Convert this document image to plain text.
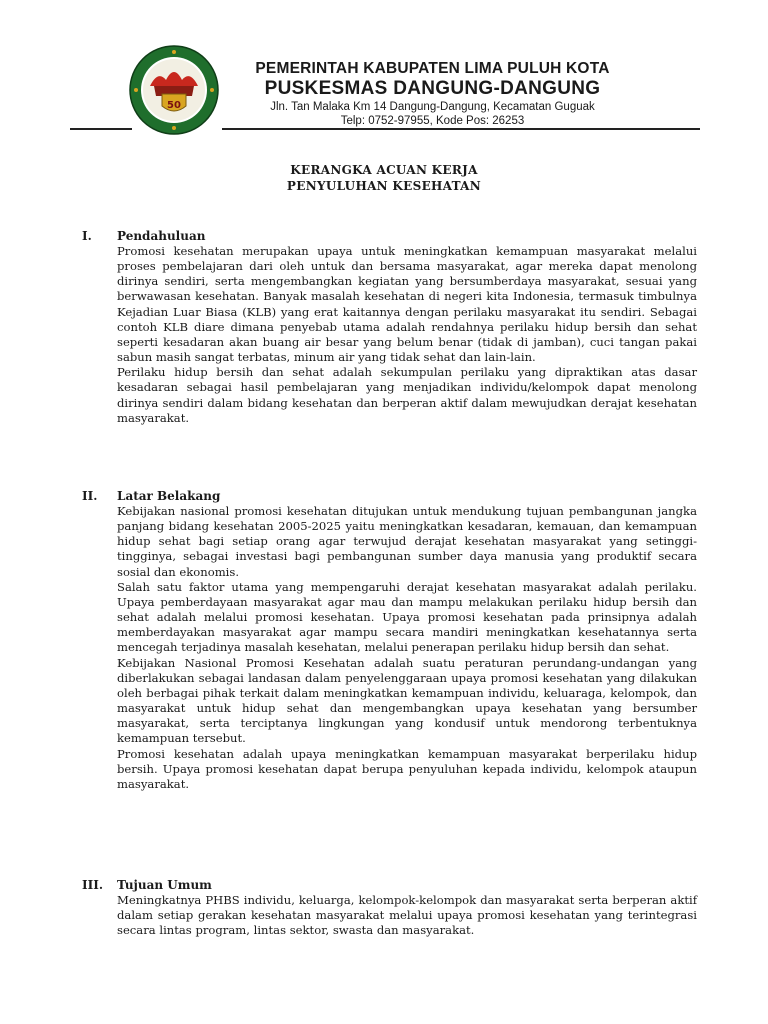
50
PEMERINTAH KABUPATEN LIMA PULUH KOTA
PUSKESMAS DANGUNG-DANGUNG
Jln. Tan Malaka Km 14 Dangung-Dangung, Kecamatan Guguak
Telp: 0752-97955, Kode Pos: 26253
KERANGKA ACUAN KERJA
PENYULUHAN KESEHATAN
I. Pendahuluan

Promosi kesehatan merupakan upaya untuk meningkatkan kemampuan masyarakat melalui proses pembelajaran dari oleh untuk dan bersama masyarakat, agar mereka dapat menolong dirinya sendiri, serta mengembangkan kegiatan yang bersumberdaya masyarakat, sesuai yang berwawasan kesehatan. Banyak masalah kesehatan di negeri kita Indonesia, termasuk timbulnya Kejadian Luar Biasa (KLB) yang erat kaitannya dengan perilaku masyarakat itu sendiri. Sebagai contoh KLB diare dimana penyebab utama adalah rendahnya perilaku hidup bersih dan sehat seperti kesadaran akan buang air besar yang belum benar (tidak di jamban), cuci tangan pakai sabun masih sangat terbatas, minum air yang tidak sehat dan lain-lain.

Perilaku hidup bersih dan sehat adalah sekumpulan perilaku yang dipraktikan atas dasar kesadaran sebagai hasil pembelajaran yang menjadikan individu/kelompok dapat menolong dirinya sendiri dalam bidang kesehatan dan berperan aktif dalam mewujudkan derajat kesehatan masyarakat.

II. Latar Belakang

Kebijakan nasional promosi kesehatan ditujukan untuk mendukung tujuan pembangunan jangka panjang bidang kesehatan 2005-2025 yaitu meningkatkan kesadaran, kemauan, dan kemampuan hidup sehat bagi setiap orang agar terwujud derajat kesehatan masyarakat yang setinggi-tingginya, sebagai investasi bagi pembangunan sumber daya manusia yang produktif secara sosial dan ekonomis.

Salah satu faktor utama yang mempengaruhi derajat kesehatan masyarakat adalah perilaku. Upaya pemberdayaan masyarakat agar mau dan mampu melakukan perilaku hidup bersih dan sehat adalah melalui promosi kesehatan. Upaya promosi kesehatan pada prinsipnya adalah memberdayakan masyarakat agar mampu secara mandiri meningkatkan kesehatannya serta mencegah terjadinya masalah kesehatan, melalui penerapan perilaku hidup bersih dan sehat.

Kebijakan Nasional Promosi Kesehatan adalah suatu peraturan perundang-undangan yang diberlakukan sebagai landasan dalam penyelenggaraan upaya promosi kesehatan yang dilakukan oleh berbagai pihak terkait dalam meningkatkan kemampuan individu, keluaraga, kelompok, dan masyarakat untuk hidup sehat dan mengembangkan upaya kesehatan yang bersumber masyarakat, serta terciptanya lingkungan yang kondusif untuk mendorong terbentuknya kemampuan tersebut.

Promosi kesehatan adalah upaya meningkatkan kemampuan masyarakat berperilaku hidup bersih. Upaya promosi kesehatan dapat berupa penyuluhan kepada individu, kelompok ataupun masyarakat.

III. Tujuan Umum

Meningkatnya PHBS individu, keluarga, kelompok-kelompok dan masyarakat serta berperan aktif dalam setiap gerakan kesehatan masyarakat melalui upaya promosi kesehatan yang terintegrasi secara lintas program, lintas sektor, swasta dan masyarakat.
